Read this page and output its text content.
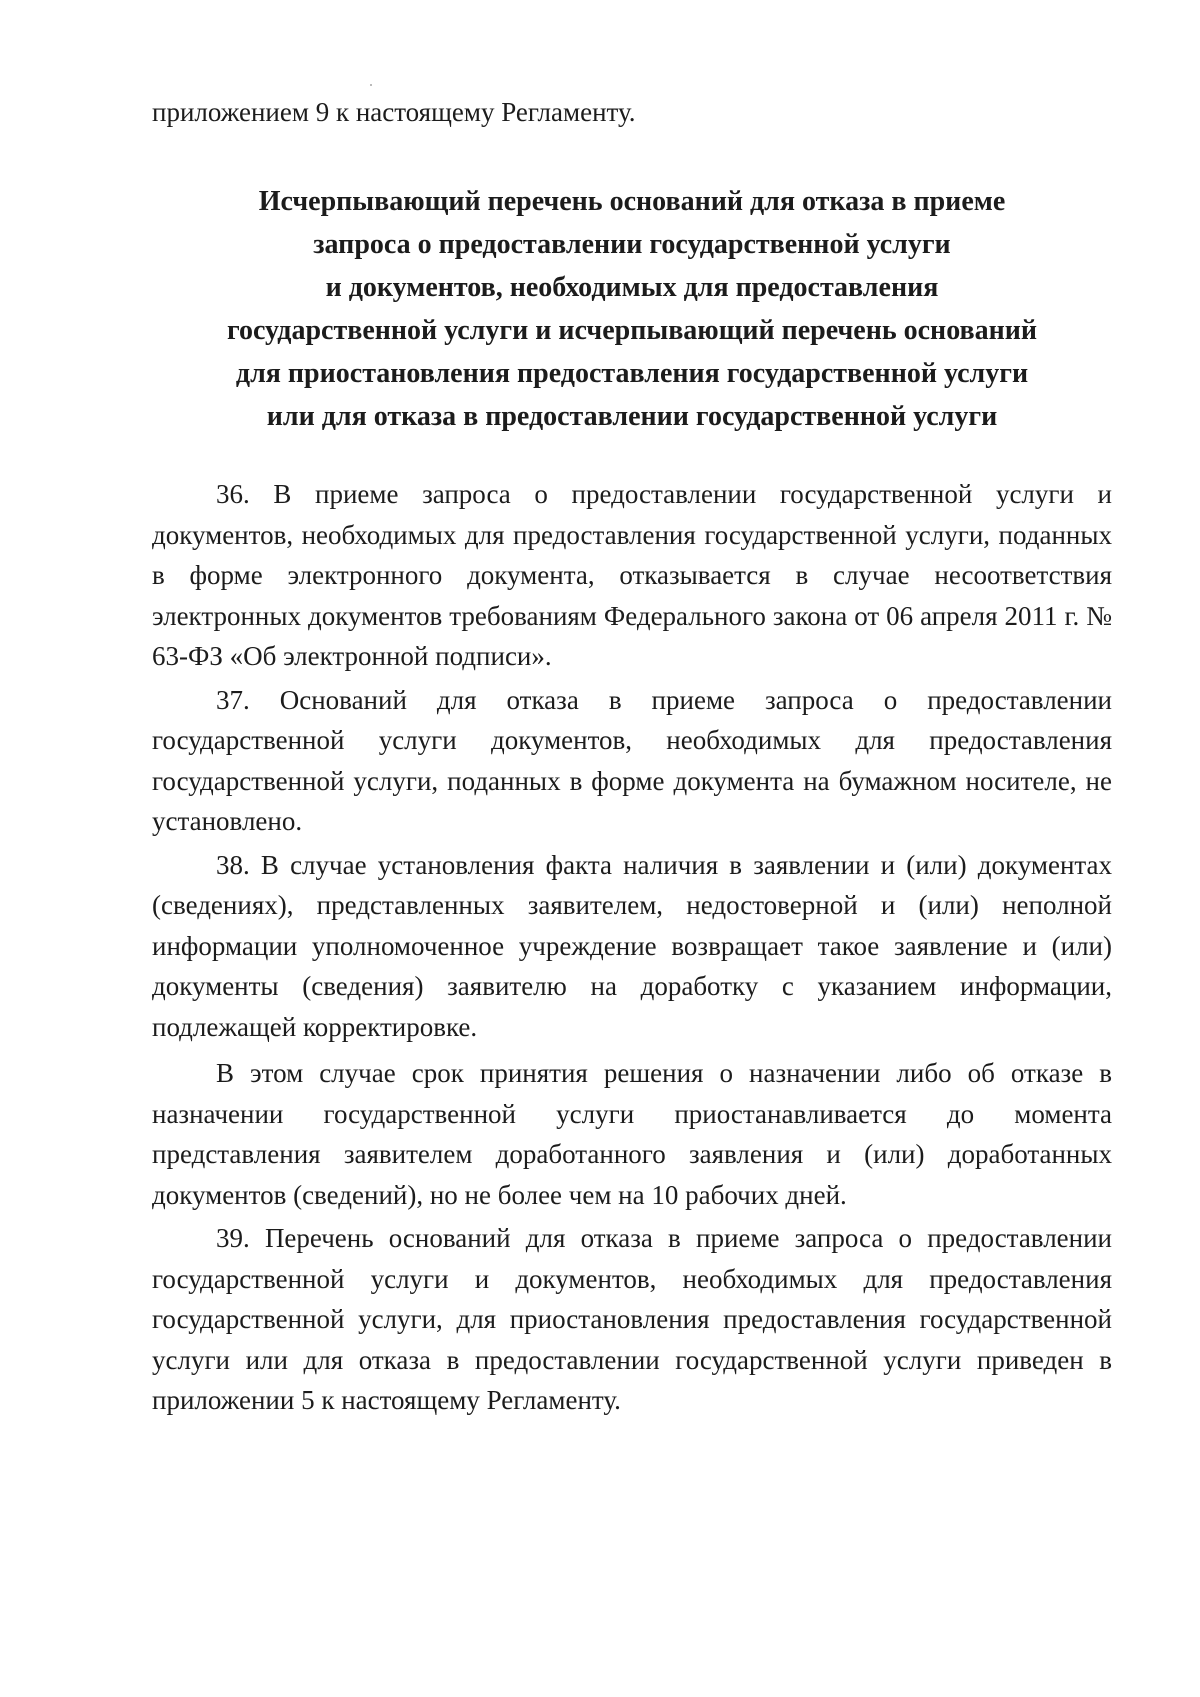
приложением 9 к настоящему Регламенту.

Исчерпывающий перечень оснований для отказа в приеме
запроса о предоставлении государственной услуги
и документов, необходимых для предоставления
государственной услуги и исчерпывающий перечень оснований
для приостановления предоставления государственной услуги
или для отказа в предоставлении государственной услуги

36. В приеме запроса о предоставлении государственной услуги и документов, необходимых для предоставления государственной услуги, поданных в форме электронного документа, отказывается в случае несоответствия электронных документов требованиям Федерального закона от 06 апреля 2011 г. № 63-ФЗ «Об электронной подписи».

37. Оснований для отказа в приеме запроса о предоставлении государственной услуги документов, необходимых для предоставления государственной услуги, поданных в форме документа на бумажном носителе, не установлено.

38. В случае установления факта наличия в заявлении и (или) документах (сведениях), представленных заявителем, недостоверной и (или) неполной информации уполномоченное учреждение возвращает такое заявление и (или) документы (сведения) заявителю на доработку с указанием информации, подлежащей корректировке.

В этом случае срок принятия решения о назначении либо об отказе в назначении государственной услуги приостанавливается до момента представления заявителем доработанного заявления и (или) доработанных документов (сведений), но не более чем на 10 рабочих дней.

39. Перечень оснований для отказа в приеме запроса о предоставлении государственной услуги и документов, необходимых для предоставления государственной услуги, для приостановления предоставления государственной услуги или для отказа в предоставлении государственной услуги приведен в приложении 5 к настоящему Регламенту.
